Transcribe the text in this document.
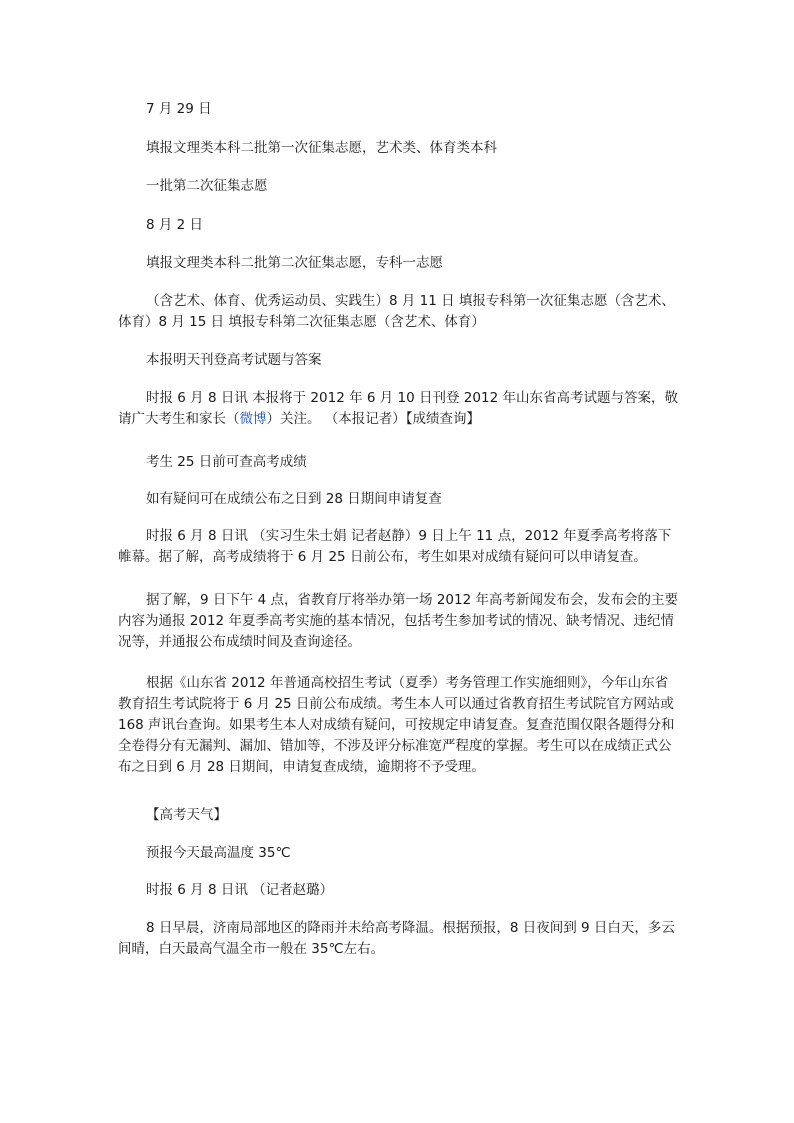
7 月 29 日

填报文理类本科二批第一次征集志愿，艺术类、体育类本科

一批第二次征集志愿

8 月 2 日

填报文理类本科二批第二次征集志愿，专科一志愿

（含艺术、体育、优秀运动员、实践生）8 月 11 日 填报专科第一次征集志愿（含艺术、体育）8 月 15 日 填报专科第二次征集志愿（含艺术、体育）

本报明天刊登高考试题与答案

时报 6 月 8 日讯 本报将于 2012 年 6 月 10 日刊登 2012 年山东省高考试题与答案，敬请广大考生和家长（微博）关注。 （本报记者）【成绩查询】

考生 25 日前可查高考成绩

如有疑问可在成绩公布之日到 28 日期间申请复查

时报 6 月 8 日讯 （实习生朱士娟 记者赵静）9 日上午 11 点，2012 年夏季高考将落下帷幕。据了解，高考成绩将于 6 月 25 日前公布，考生如果对成绩有疑问可以申请复查。

据了解，9 日下午 4 点，省教育厅将举办第一场 2012 年高考新闻发布会，发布会的主要内容为通报 2012 年夏季高考实施的基本情况，包括考生参加考试的情况、缺考情况、违纪情况等，并通报公布成绩时间及查询途径。

根据《山东省 2012 年普通高校招生考试（夏季）考务管理工作实施细则》，今年山东省教育招生考试院将于 6 月 25 日前公布成绩。考生本人可以通过省教育招生考试院官方网站或 168 声讯台查询。如果考生本人对成绩有疑问，可按规定申请复查。复查范围仅限各题得分和全卷得分有无漏判、漏加、错加等，不涉及评分标准宽严程度的掌握。考生可以在成绩正式公布之日到 6 月 28 日期间，申请复查成绩，逾期将不予受理。

【高考天气】

预报今天最高温度 35℃

时报 6 月 8 日讯 （记者赵璐）

8 日早晨，济南局部地区的降雨并未给高考降温。根据预报，8 日夜间到 9 日白天，多云间晴，白天最高气温全市一般在 35℃左右。
